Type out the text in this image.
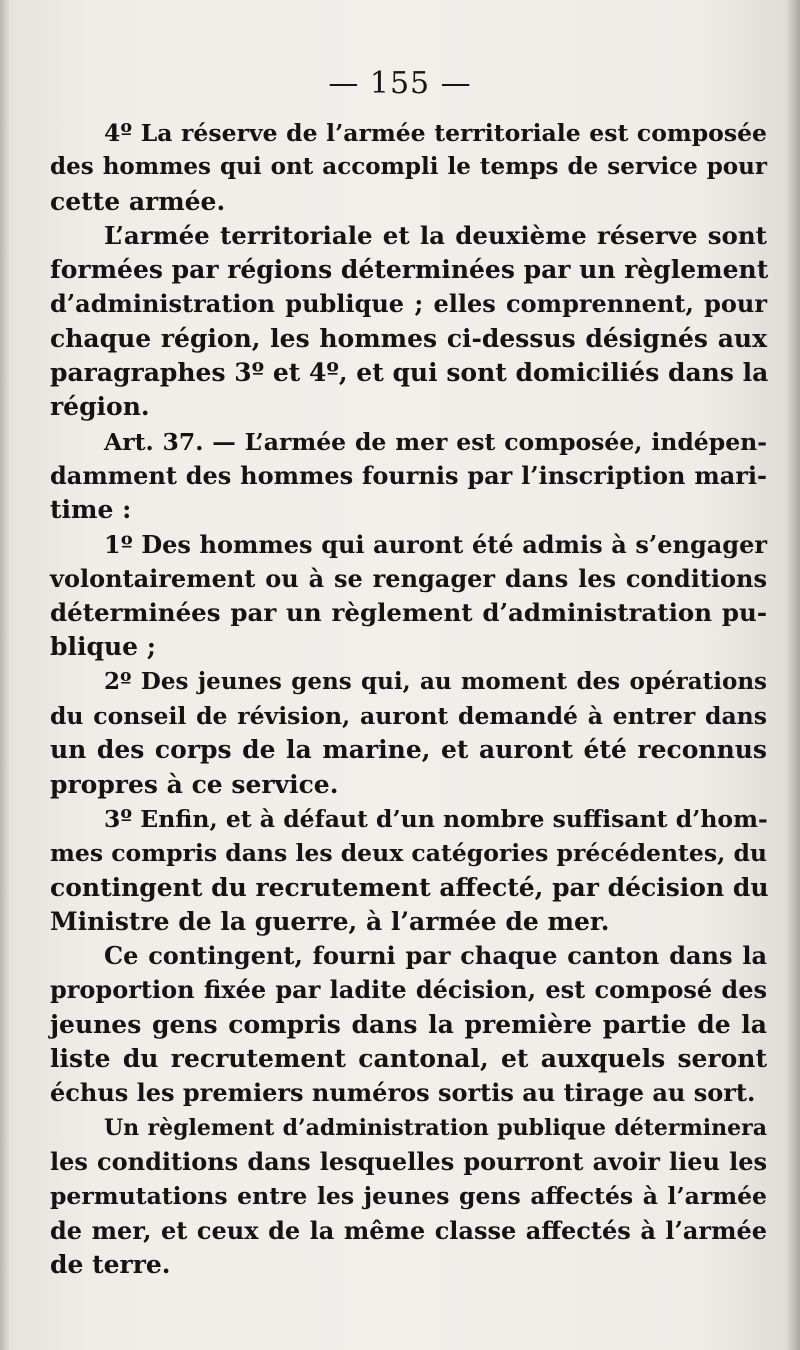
— 155 —

4º La réserve de l’armée territoriale est composée
des hommes qui ont accompli le temps de service pour
cette armée.

L’armée territoriale et la deuxième réserve sont
formées par régions déterminées par un règlement
d’administration publique ; elles comprennent, pour
chaque région, les hommes ci-dessus désignés aux
paragraphes 3º et 4º, et qui sont domiciliés dans la
région.

Art. 37. — L’armée de mer est composée, indépen-
damment des hommes fournis par l’inscription mari-
time :

1º Des hommes qui auront été admis à s’engager
volontairement ou à se rengager dans les conditions
déterminées par un règlement d’administration pu-
blique ;

2º Des jeunes gens qui, au moment des opérations
du conseil de révision, auront demandé à entrer dans
un des corps de la marine, et auront été reconnus
propres à ce service.

3º Enfin, et à défaut d’un nombre suffisant d’hom-
mes compris dans les deux catégories précédentes, du
contingent du recrutement affecté, par décision du
Ministre de la guerre, à l’armée de mer.

Ce contingent, fourni par chaque canton dans la
proportion fixée par ladite décision, est composé des
jeunes gens compris dans la première partie de la
liste du recrutement cantonal, et auxquels seront
échus les premiers numéros sortis au tirage au sort.

Un règlement d’administration publique déterminera
les conditions dans lesquelles pourront avoir lieu les
permutations entre les jeunes gens affectés à l’armée
de mer, et ceux de la même classe affectés à l’armée
de terre.
